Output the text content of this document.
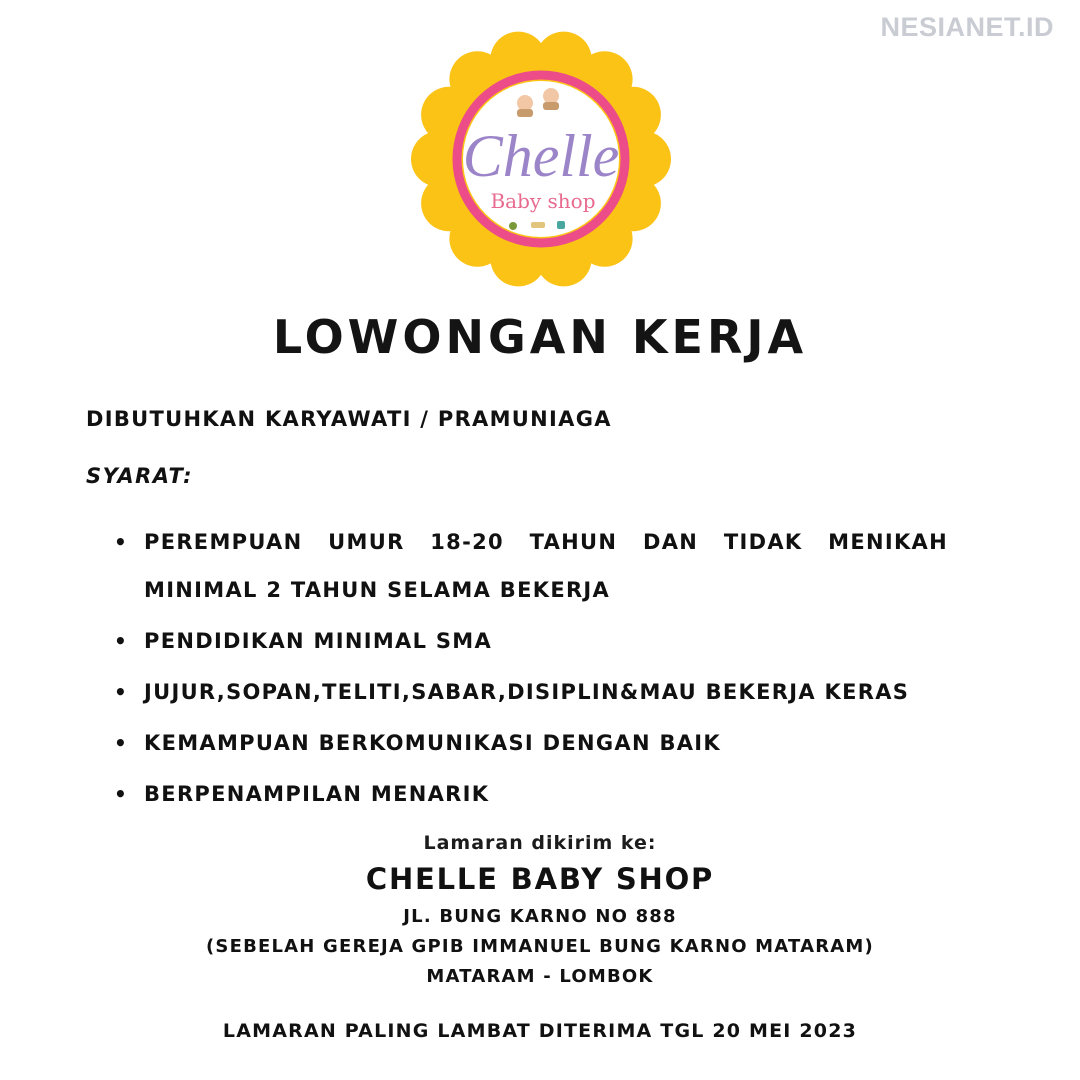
NESIANET.ID
Chelle
Baby shop
LOWONGAN KERJA
DIBUTUHKAN KARYAWATI / PRAMUNIAGA
SYARAT:
• PEREMPUAN UMUR 18-20 TAHUN DAN TIDAK MENIKAH
MINIMAL 2 TAHUN SELAMA BEKERJA
• PENDIDIKAN MINIMAL SMA
• JUJUR,SOPAN,TELITI,SABAR,DISIPLIN&MAU BEKERJA KERAS
• KEMAMPUAN BERKOMUNIKASI DENGAN BAIK
• BERPENAMPILAN MENARIK
Lamaran dikirim ke:
CHELLE BABY SHOP
JL. BUNG KARNO NO 888
(SEBELAH GEREJA GPIB IMMANUEL BUNG KARNO MATARAM)
MATARAM - LOMBOK
LAMARAN PALING LAMBAT DITERIMA TGL 20 MEI 2023
